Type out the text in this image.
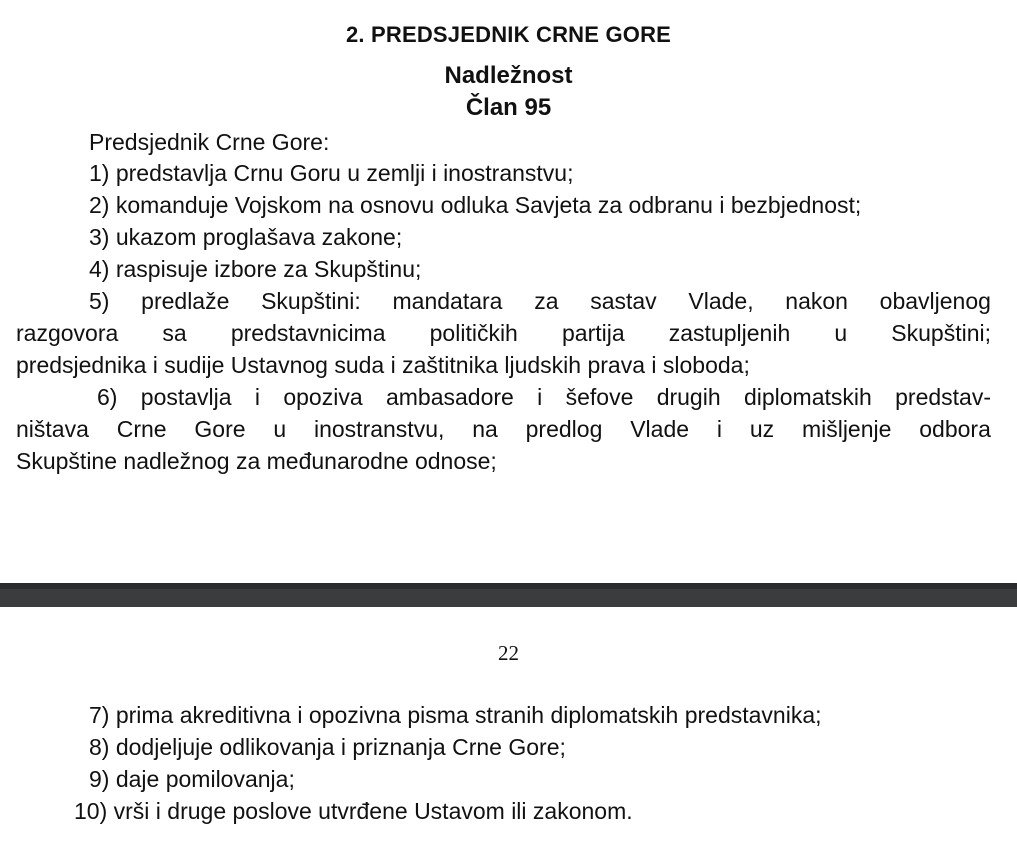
2. PREDSJEDNIK CRNE GORE
Nadležnost
Član 95
Predsjednik Crne Gore:
1) predstavlja Crnu Goru u zemlji i inostranstvu;
2) komanduje Vojskom na osnovu odluka Savjeta za odbranu i bezbjednost;
3) ukazom proglašava zakone;
4) raspisuje izbore za Skupštinu;
5) predlaže Skupštini: mandatara za sastav Vlade, nakon obavljenog
razgovora sa predstavnicima političkih partija zastupljenih u Skupštini;
predsjednika i sudije Ustavnog suda i zaštitnika ljudskih prava i sloboda;
6) postavlja i opoziva ambasadore i šefove drugih diplomatskih predstav-
ništava Crne Gore u inostranstvu, na predlog Vlade i uz mišljenje odbora
Skupštine nadležnog za međunarodne odnose;
22
7) prima akreditivna i opozivna pisma stranih diplomatskih predstavnika;
8) dodjeljuje odlikovanja i priznanja Crne Gore;
9) daje pomilovanja;
10) vrši i druge poslove utvrđene Ustavom ili zakonom.
